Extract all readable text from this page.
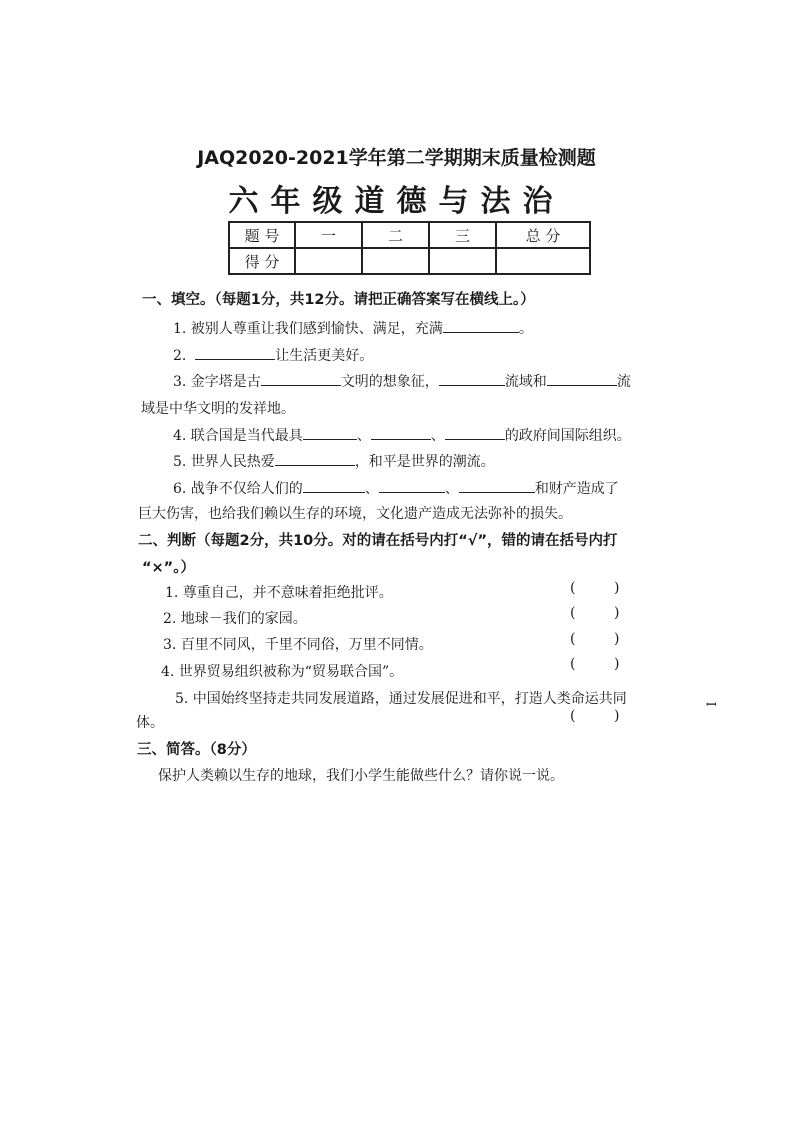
JAQ2020-2021学年第二学期期末质量检测题
六年级道德与法治
题 号	一	二	三	总 分
得 分				
一、填空。（每题1分，共12分。请把正确答案写在横线上。）
1. 被别人尊重让我们感到愉快、满足，充满	。
2.	让生活更美好。
3. 金字塔是古	文明的想象征，	流域和	流
域是中华文明的发祥地。
4. 联合国是当代最具	、	、	的政府间国际组织。
5. 世界人民热爱	，和平是世界的潮流。
6. 战争不仅给人们的	、	、	和财产造成了
巨大伤害，也给我们赖以生存的环境，文化遗产造成无法弥补的损失。
二、判断（每题2分，共10分。对的请在括号内打“√”，错的请在括号内打
“×”。）
1. 尊重自己，并不意味着拒绝批评。	(	)
2. 地球－我们的家园。	(	)
3. 百里不同风，千里不同俗，万里不同情。	(	)
4. 世界贸易组织被称为“贸易联合国”。	(	)
5. 中国始终坚持走共同发展道路，通过发展促进和平，打造人类命运共同
体。	(	)
ꟷ
三、简答。（8分）
保护人类赖以生存的地球，我们小学生能做些什么？请你说一说。
